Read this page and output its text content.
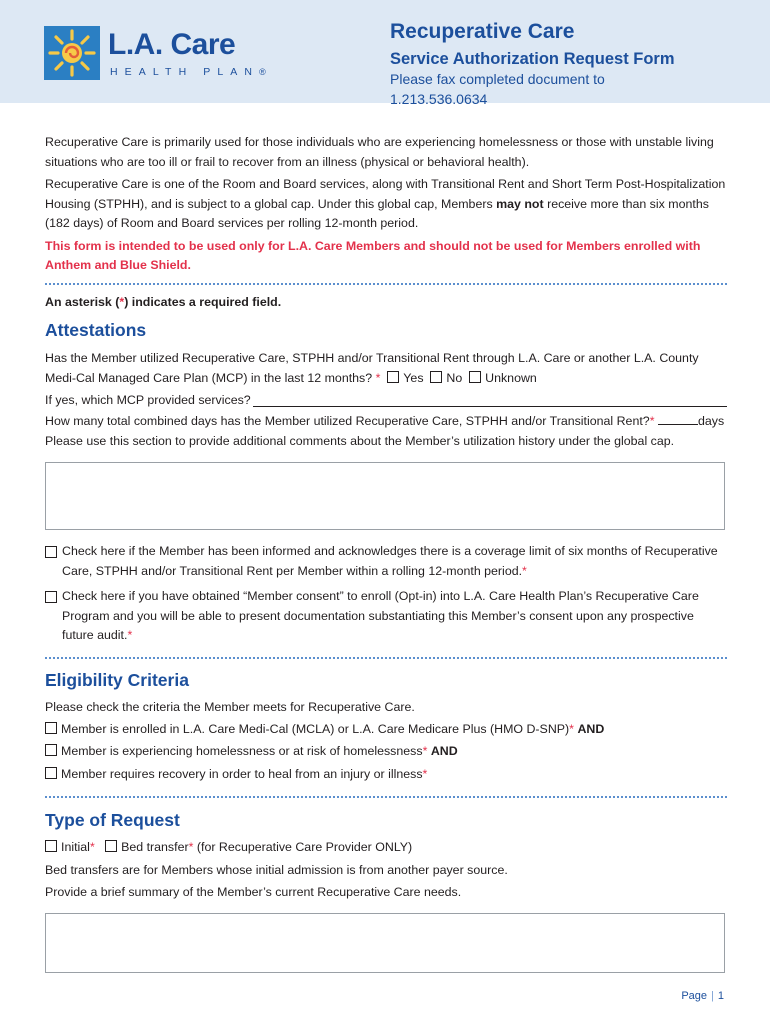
L.A. Care
HEALTH PLAN®
Recuperative Care
Service Authorization Request Form
Please fax completed document to
1.213.536.0634

Recuperative Care is primarily used for those individuals who are experiencing homelessness or those with unstable living situations who are too ill or frail to recover from an illness (physical or behavioral health).

Recuperative Care is one of the Room and Board services, along with Transitional Rent and Short Term Post-Hospitalization Housing (STPHH), and is subject to a global cap. Under this global cap, Members may not receive more than six months (182 days) of Room and Board services per rolling 12-month period.

This form is intended to be used only for L.A. Care Members and should not be used for Members enrolled with Anthem and Blue Shield.

An asterisk (*) indicates a required field.
Attestations
Has the Member utilized Recuperative Care, STPHH and/or Transitional Rent through L.A. Care or another L.A. County Medi-Cal Managed Care Plan (MCP) in the last 12 months? * Yes No Unknown
If yes, which MCP provided services?
How many total combined days has the Member utilized Recuperative Care, STPHH and/or Transitional Rent?*	days
Please use this section to provide additional comments about the Member’s utilization history under the global cap.
Check here if the Member has been informed and acknowledges there is a coverage limit of six months of Recuperative Care, STPHH and/or Transitional Rent per Member within a rolling 12-month period.*
Check here if you have obtained “Member consent” to enroll (Opt-in) into L.A. Care Health Plan’s Recuperative Care Program and you will be able to present documentation substantiating this Member’s consent upon any prospective future audit.*
Eligibility Criteria
Please check the criteria the Member meets for Recuperative Care.
Member is enrolled in L.A. Care Medi-Cal (MCLA) or L.A. Care Medicare Plus (HMO D-SNP)* AND
Member is experiencing homelessness or at risk of homelessness* AND
Member requires recovery in order to heal from an injury or illness*
Type of Request
Initial* Bed transfer* (for Recuperative Care Provider ONLY)
Bed transfers are for Members whose initial admission is from another payer source.
Provide a brief summary of the Member’s current Recuperative Care needs.
Page | 1
